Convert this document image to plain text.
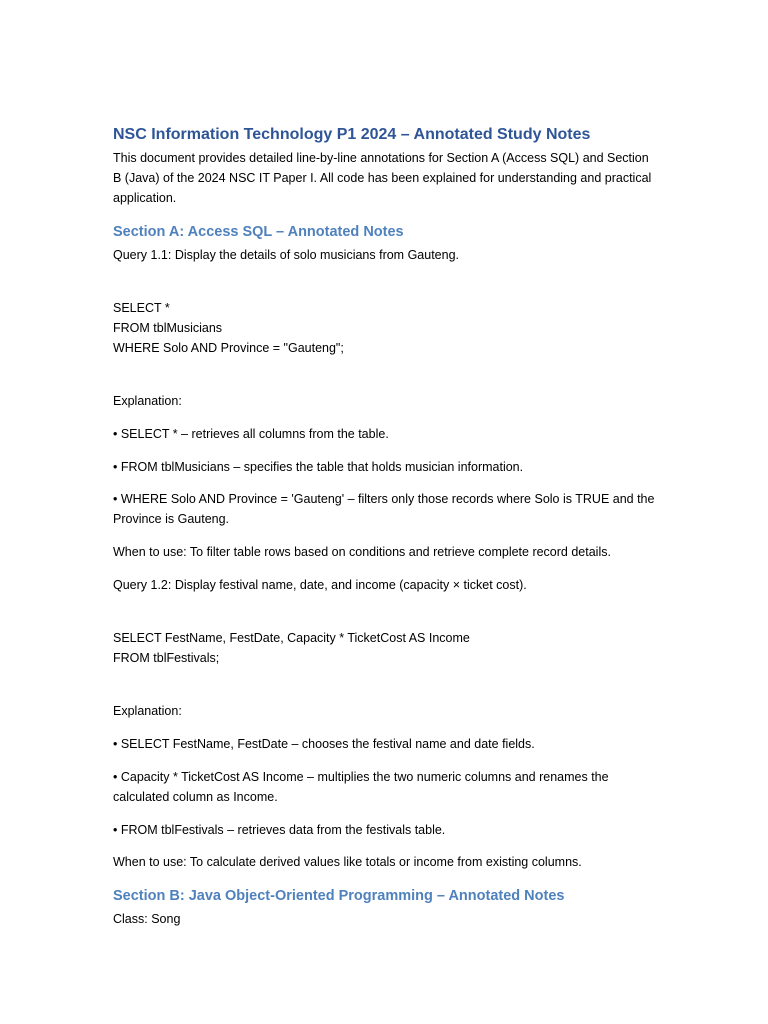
NSC Information Technology P1 2024 – Annotated Study Notes

This document provides detailed line-by-line annotations for Section A (Access SQL) and Section B (Java) of the 2024 NSC IT Paper I. All code has been explained for understanding and practical application.

Section A: Access SQL – Annotated Notes

Query 1.1: Display the details of solo musicians from Gauteng.

SELECT *

FROM tblMusicians

WHERE Solo AND Province = "Gauteng";

Explanation:

• SELECT * – retrieves all columns from the table.

• FROM tblMusicians – specifies the table that holds musician information.

• WHERE Solo AND Province = 'Gauteng' – filters only those records where Solo is TRUE and the Province is Gauteng.

When to use: To filter table rows based on conditions and retrieve complete record details.

Query 1.2: Display festival name, date, and income (capacity × ticket cost).

SELECT FestName, FestDate, Capacity * TicketCost AS Income

FROM tblFestivals;

Explanation:

• SELECT FestName, FestDate – chooses the festival name and date fields.

• Capacity * TicketCost AS Income – multiplies the two numeric columns and renames the calculated column as Income.

• FROM tblFestivals – retrieves data from the festivals table.

When to use: To calculate derived values like totals or income from existing columns.

Section B: Java Object-Oriented Programming – Annotated Notes

Class: Song
